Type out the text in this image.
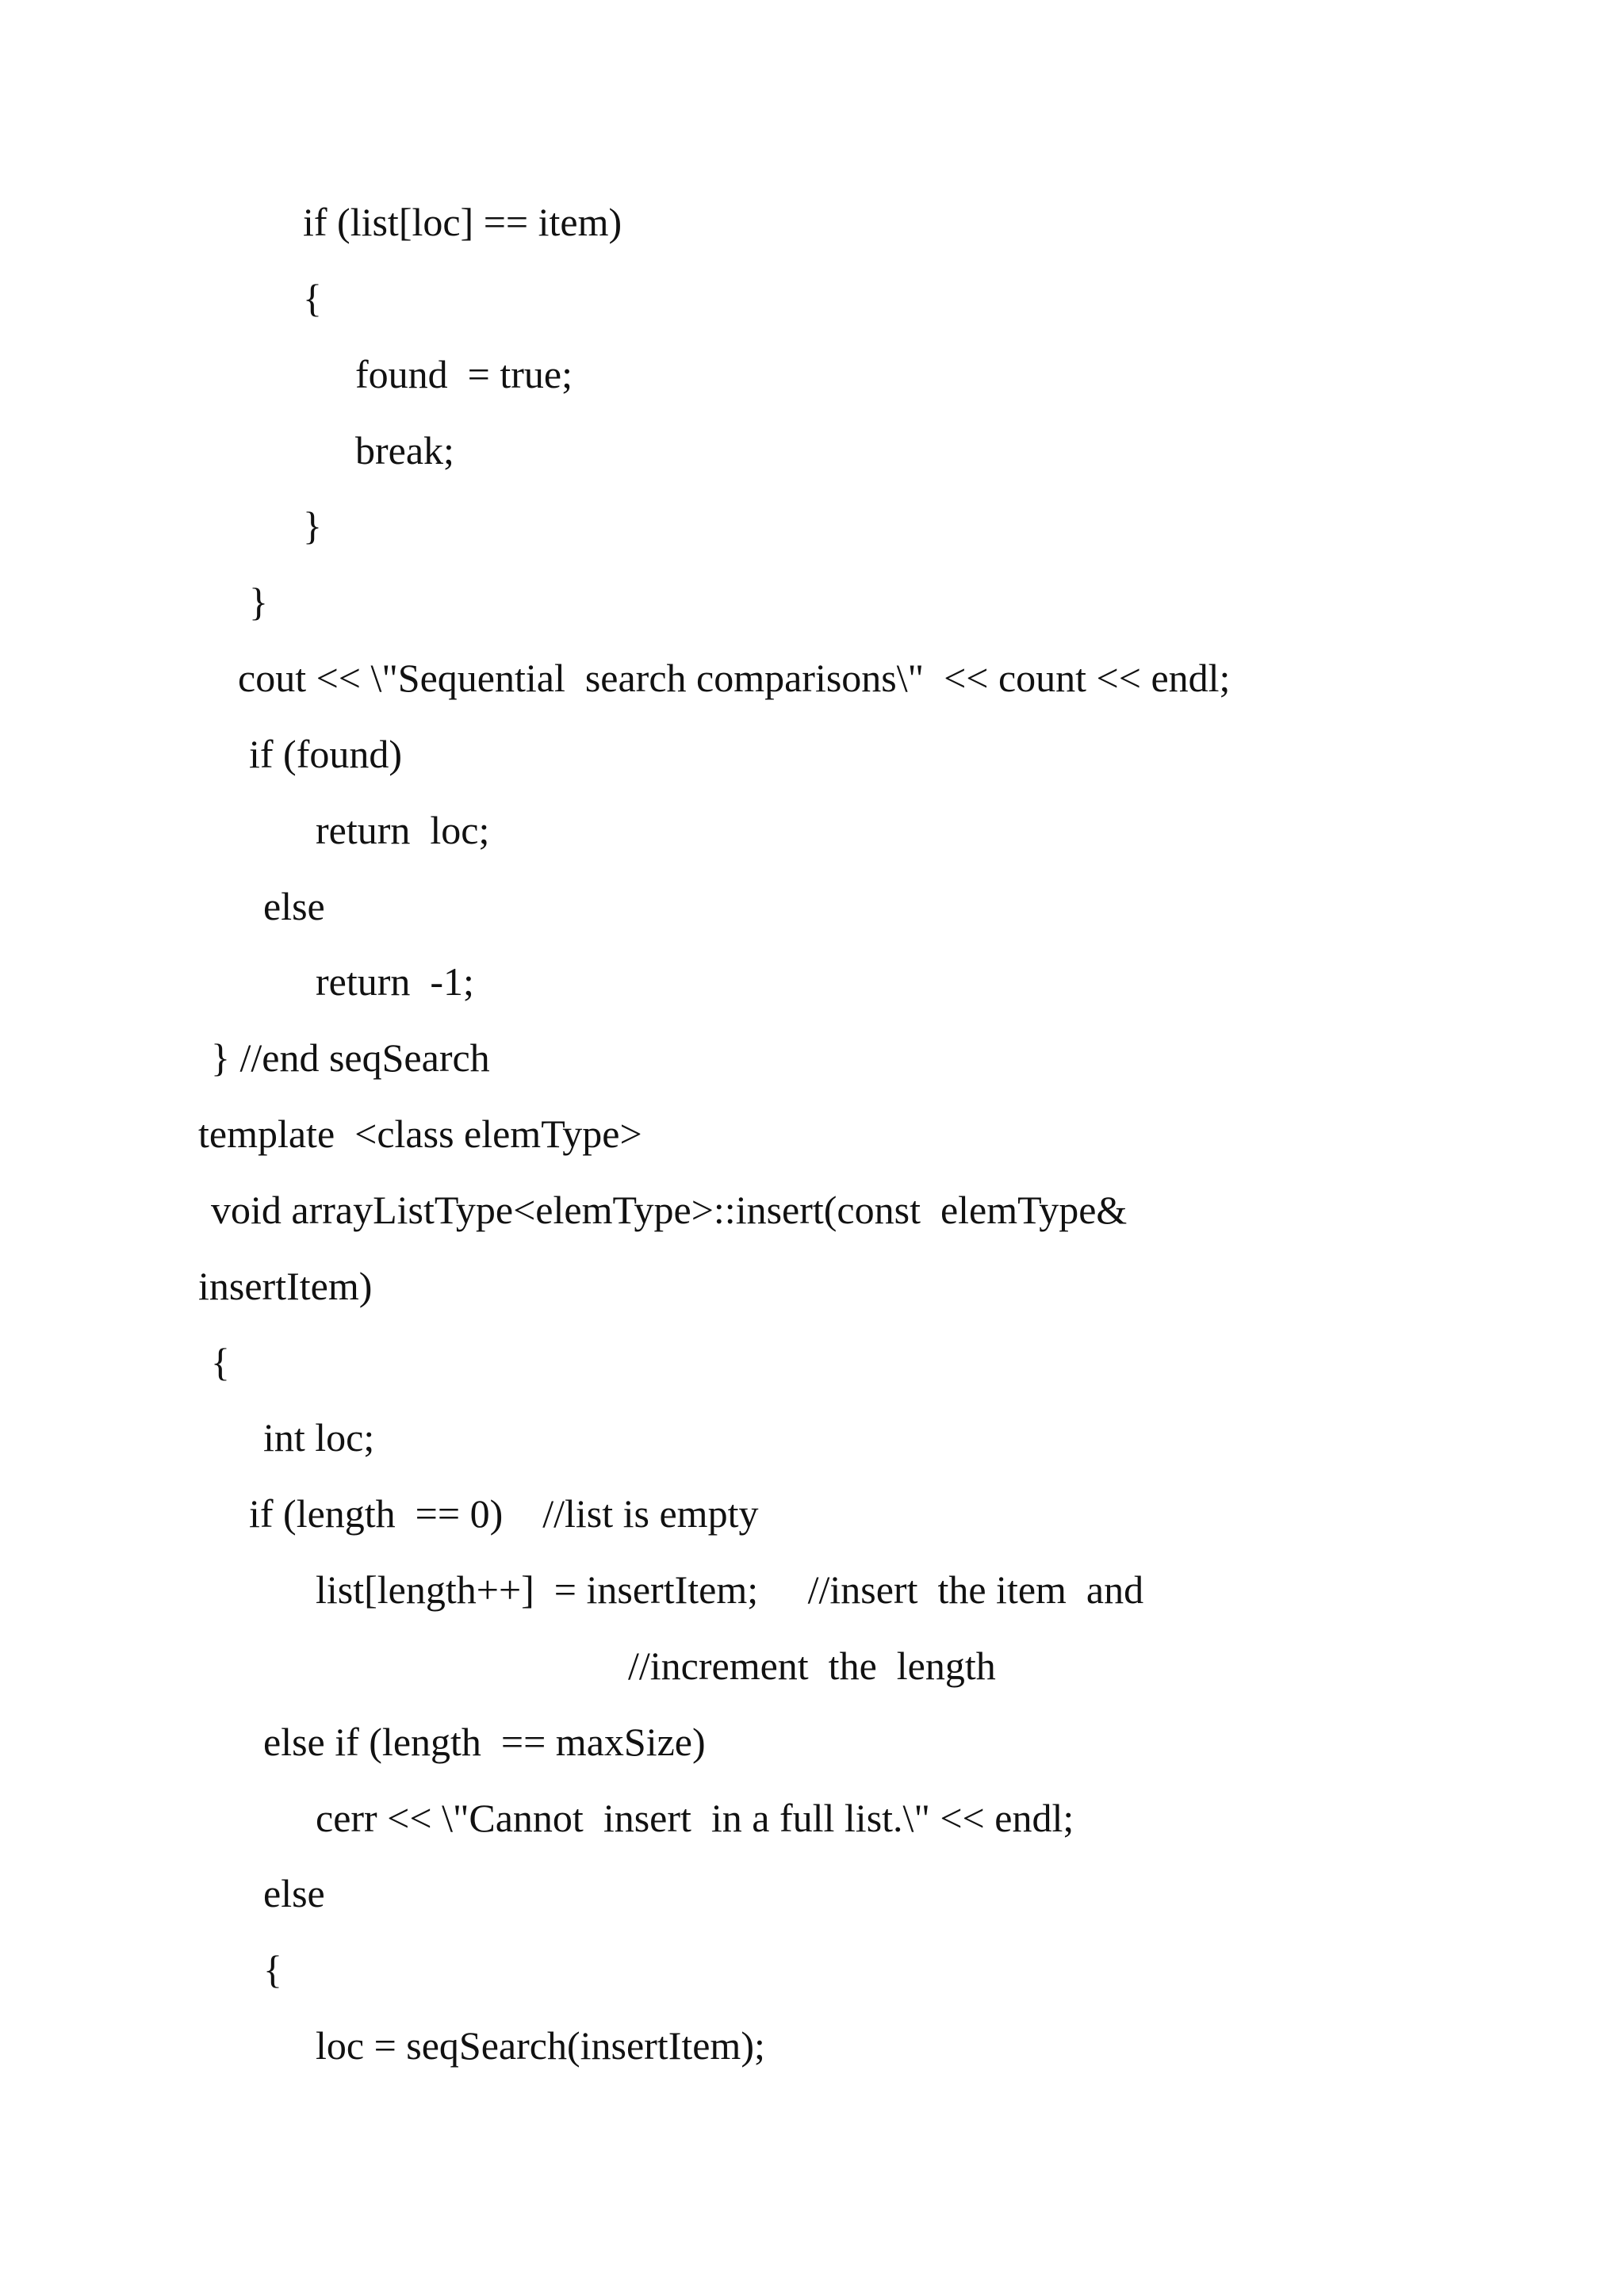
if (list[loc] == item)

{

found  = true;

break;

}

}

cout << \"Sequential  search comparisons\"  << count << endl;

if (found)

return  loc;

else

return  -1;

} //end seqSearch

template  <class elemType>

void arrayListType<elemType>::insert(const  elemType&

insertItem)

{

int loc;

if (length  == 0)    //list is empty

list[length++]  = insertItem;     //insert  the item  and

//increment  the  length

else if (length  == maxSize)

cerr << \"Cannot  insert  in a full list.\" << endl;

else

{

loc = seqSearch(insertItem);
